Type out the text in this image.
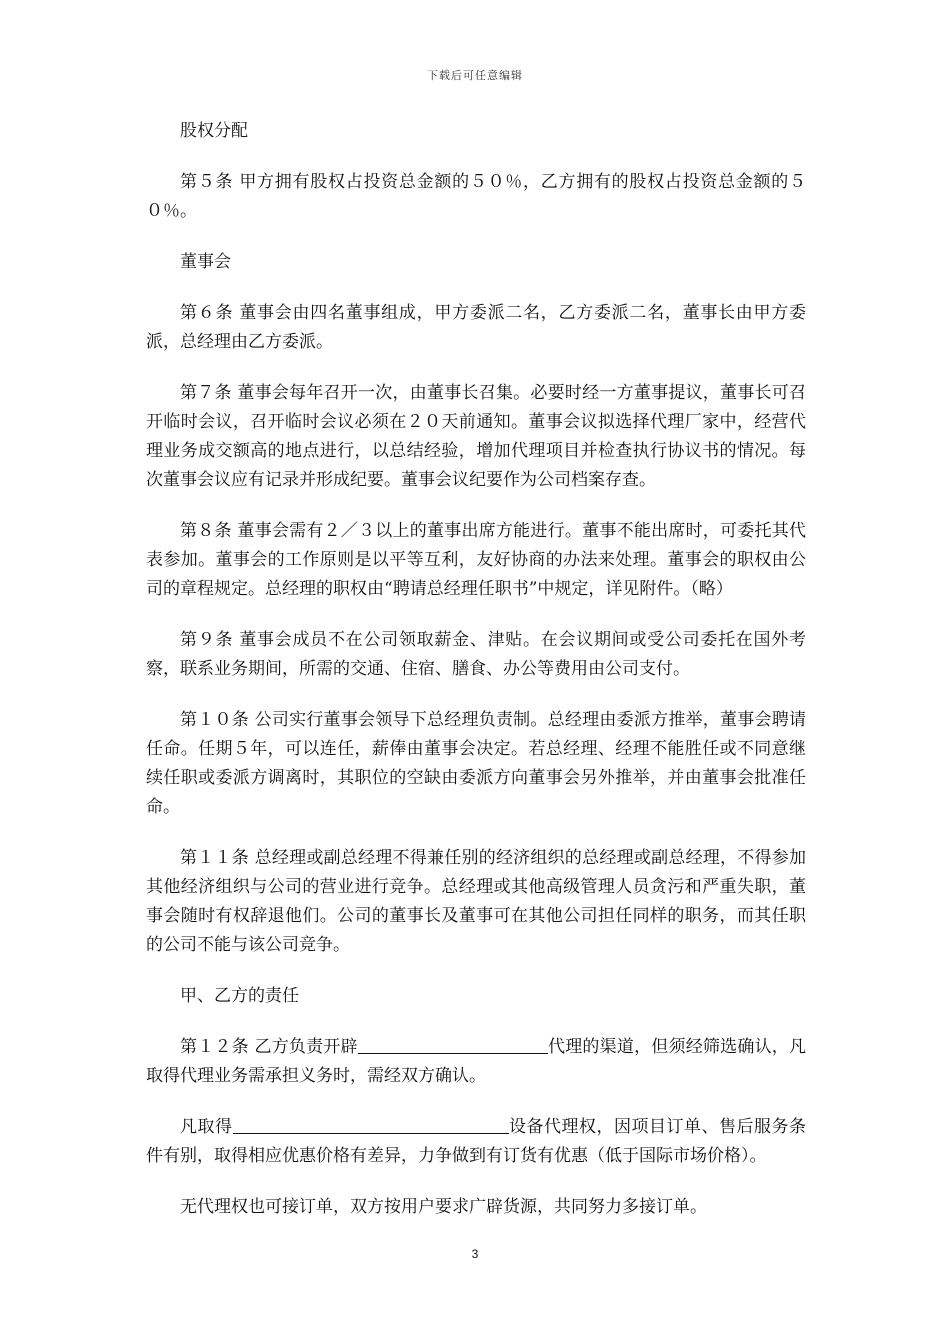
下载后可任意编辑

股权分配

第５条 甲方拥有股权占投资总金额的５０％，乙方拥有的股权占投资总金额的５０％。

董事会

第６条 董事会由四名董事组成，甲方委派二名，乙方委派二名，董事长由甲方委派，总经理由乙方委派。

第７条 董事会每年召开一次，由董事长召集。必要时经一方董事提议，董事长可召开临时会议，召开临时会议必须在２０天前通知。董事会议拟选择代理厂家中，经营代理业务成交额高的地点进行，以总结经验，增加代理项目并检查执行协议书的情况。每次董事会议应有记录并形成纪要。董事会议纪要作为公司档案存查。

第８条 董事会需有２／３以上的董事出席方能进行。董事不能出席时，可委托其代表参加。董事会的工作原则是以平等互利，友好协商的办法来处理。董事会的职权由公司的章程规定。总经理的职权由“聘请总经理任职书”中规定，详见附件。（略）

第９条 董事会成员不在公司领取薪金、津贴。在会议期间或受公司委托在国外考察，联系业务期间，所需的交通、住宿、膳食、办公等费用由公司支付。

第１０条 公司实行董事会领导下总经理负责制。总经理由委派方推举，董事会聘请任命。任期５年，可以连任，薪俸由董事会决定。若总经理、经理不能胜任或不同意继续任职或委派方调离时，其职位的空缺由委派方向董事会另外推举，并由董事会批准任命。

第１１条 总经理或副总经理不得兼任别的经济组织的总经理或副总经理，不得参加其他经济组织与公司的营业进行竞争。总经理或其他高级管理人员贪污和严重失职，董事会随时有权辞退他们。公司的董事长及董事可在其他公司担任同样的职务，而其任职的公司不能与该公司竞争。

甲、乙方的责任

第１２条 乙方负责开辟	代理的渠道，但须经筛选确认，凡取得代理业务需承担义务时，需经双方确认。

凡取得	设备代理权，因项目订单、售后服务条件有别，取得相应优惠价格有差异，力争做到有订货有优惠（低于国际市场价格）。

无代理权也可接订单，双方按用户要求广辟货源，共同努力多接订单。

3
